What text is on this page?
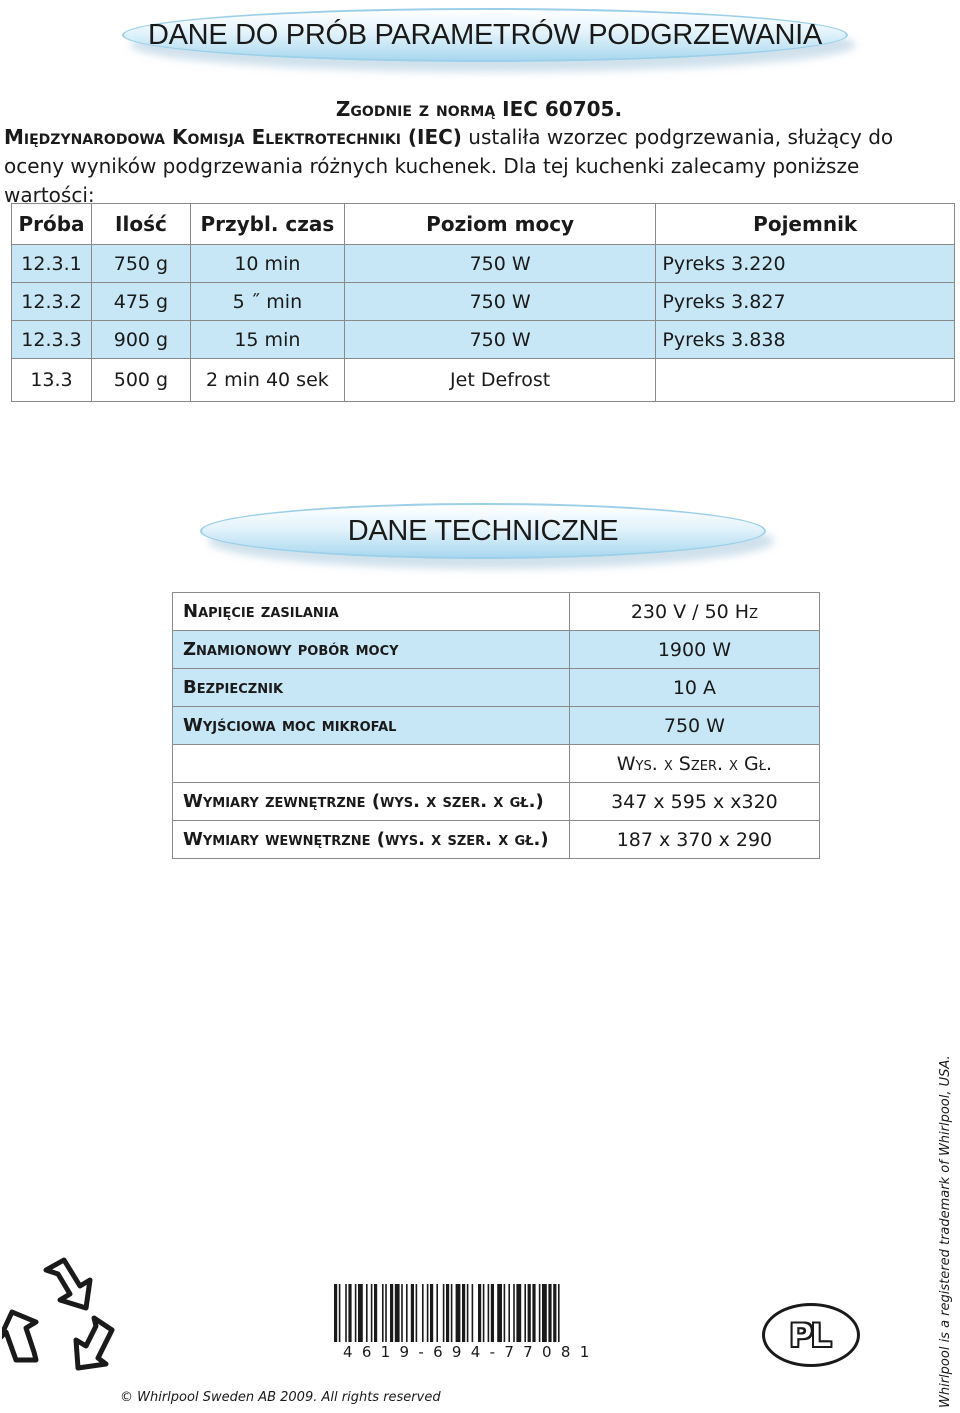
DANE DO PRÓB PARAMETRÓW PODGRZEWANIA
Zgodnie z normą IEC 60705.
Międzynarodowa Komisja Elektrotechniki (IEC) ustaliła wzorzec podgrzewania, służący do oceny wyników podgrzewania różnych kuchenek. Dla tej kuchenki zalecamy poniższe wartości:
Próba	Ilość	Przybl. czas	Poziom mocy	Pojemnik
12.3.1	750 g	10 min	750 W	Pyreks 3.220
12.3.2	475 g	5 ˝ min	750 W	Pyreks 3.827
12.3.3	900 g	15 min	750 W	Pyreks 3.838
13.3	500 g	2 min 40 sek	Jet Defrost	
DANE TECHNICZNE
Napięcie zasilania	230 V / 50 Hz
Znamionowy pobór mocy	1900 W
Bezpiecznik	10 A
Wyjściowa moc mikrofal	750 W
	Wys. x Szer. x Gł.
Wymiary zewnętrzne (wys. x szer. x gł.)	347 x 595 x x320
Wymiary wewnętrzne (wys. x szer. x gł.)	187 x 370 x 290
4619-694-77081
© Whirlpool Sweden AB 2009. All rights reserved
PL	Whirlpool is a registered trademark of Whirlpool, USA.
